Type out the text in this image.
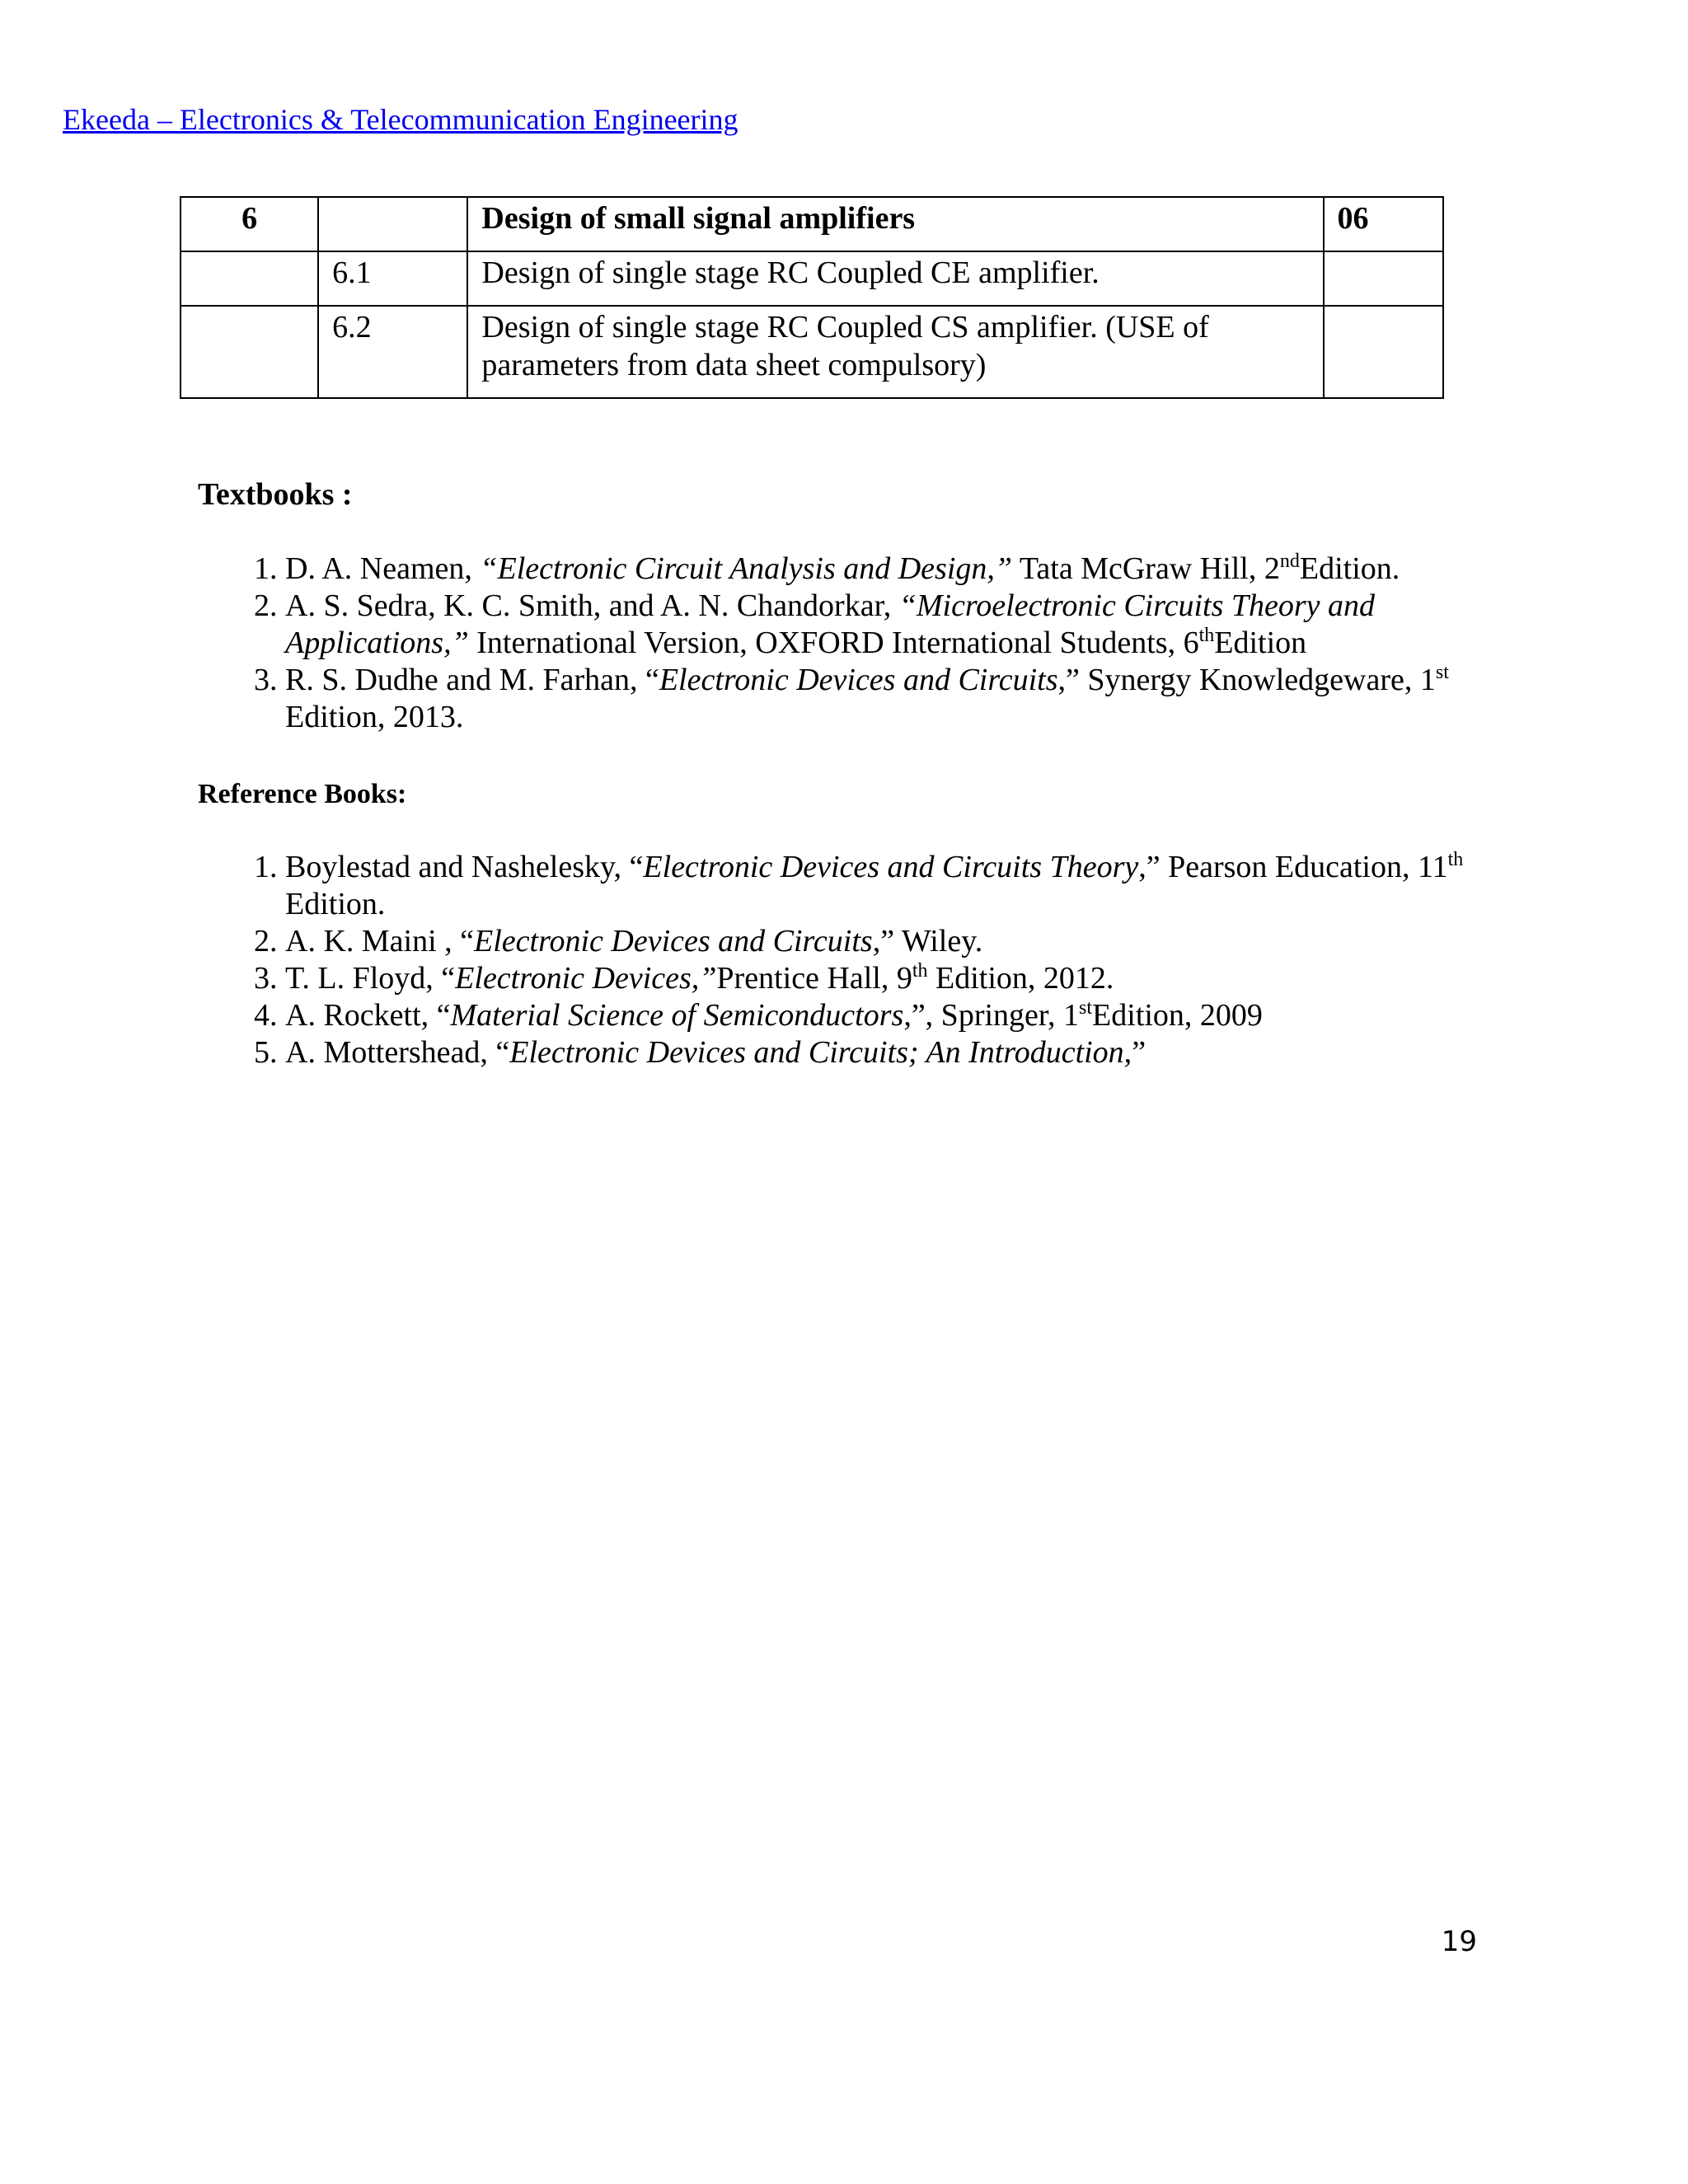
Ekeeda – Electronics & Telecommunication Engineering
6		Design of small signal amplifiers	06
	6.1	Design of single stage RC Coupled CE amplifier.	
	6.2	Design of single stage RC Coupled CS amplifier. (USE of parameters from data sheet compulsory)	
Textbooks :
1. D. A. Neamen, “Electronic Circuit Analysis and Design,” Tata McGraw Hill, 2ndEdition.
2. A. S. Sedra, K. C. Smith, and A. N. Chandorkar, “Microelectronic Circuits Theory and Applications,” International Version, OXFORD International Students, 6thEdition
3. R. S. Dudhe and M. Farhan, “Electronic Devices and Circuits,” Synergy Knowledgeware, 1st Edition, 2013.
Reference Books:
1. Boylestad and Nashelesky, “Electronic Devices and Circuits Theory,” Pearson Education, 11th Edition.
2. A. K. Maini , “Electronic Devices and Circuits,” Wiley.
3. T. L. Floyd, “Electronic Devices,”Prentice Hall, 9th Edition, 2012.
4. A. Rockett, “Material Science of Semiconductors,”, Springer, 1stEdition, 2009
5. A. Mottershead, “Electronic Devices and Circuits; An Introduction,”
19
